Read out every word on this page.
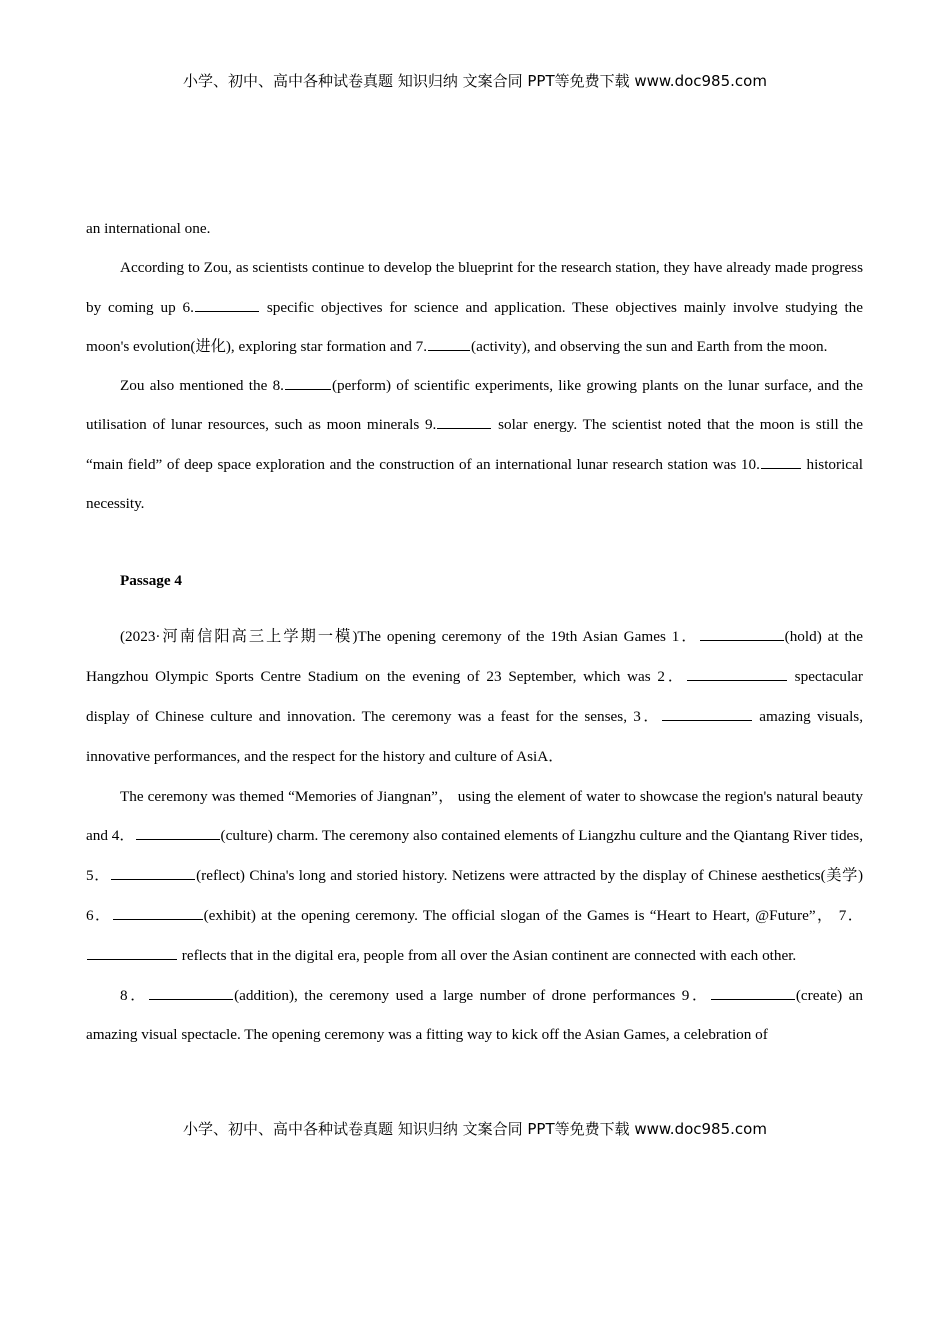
小学、初中、高中各种试卷真题 知识归纳 文案合同 PPT等免费下载 www.doc985.com

an international one.

According to Zou, as scientists continue to develop the blueprint for the research station, they have already made progress by coming up 6.	specific objectives for science and application. These objectives mainly involve studying the moon's evolution(进化), exploring star formation and 7.	(activity), and observing the sun and Earth from the moon.

Zou also mentioned the 8.	(perform) of scientific experiments, like growing plants on the lunar surface, and the utilisation of lunar resources, such as moon minerals 9.	solar energy. The scientist noted that the moon is still the “main field” of deep space exploration and the construction of an international lunar research station was 10.	historical necessity.

Passage 4

(2023·河南信阳高三上学期一模)The opening ceremony of the 19th Asian Games 1．	(hold) at the Hangzhou Olympic Sports Centre Stadium on the evening of 23 September, which was 2．	spectacular display of Chinese culture and innovation. The ceremony was a feast for the senses, 3．	amazing visuals, innovative performances, and the respect for the history and culture of AsiA．

The ceremony was themed “Memories of Jiangnan”， using the element of water to showcase the region's natural beauty and 4．	(culture) charm. The ceremony also contained elements of Liangzhu culture and the Qiantang River tides, 5．	(reflect) China's long and storied history. Netizens were attracted by the display of Chinese aesthetics(美学) 6．	(exhibit) at the opening ceremony. The official slogan of the Games is “Heart to Heart, @Future”， 7． reflects that in the digital era, people from all over the Asian continent are connected with each other.

8．	(addition), the ceremony used a large number of drone performances 9．	(create) an amazing visual spectacle. The opening ceremony was a fitting way to kick off the Asian Games, a celebration of

小学、初中、高中各种试卷真题 知识归纳 文案合同 PPT等免费下载 www.doc985.com
